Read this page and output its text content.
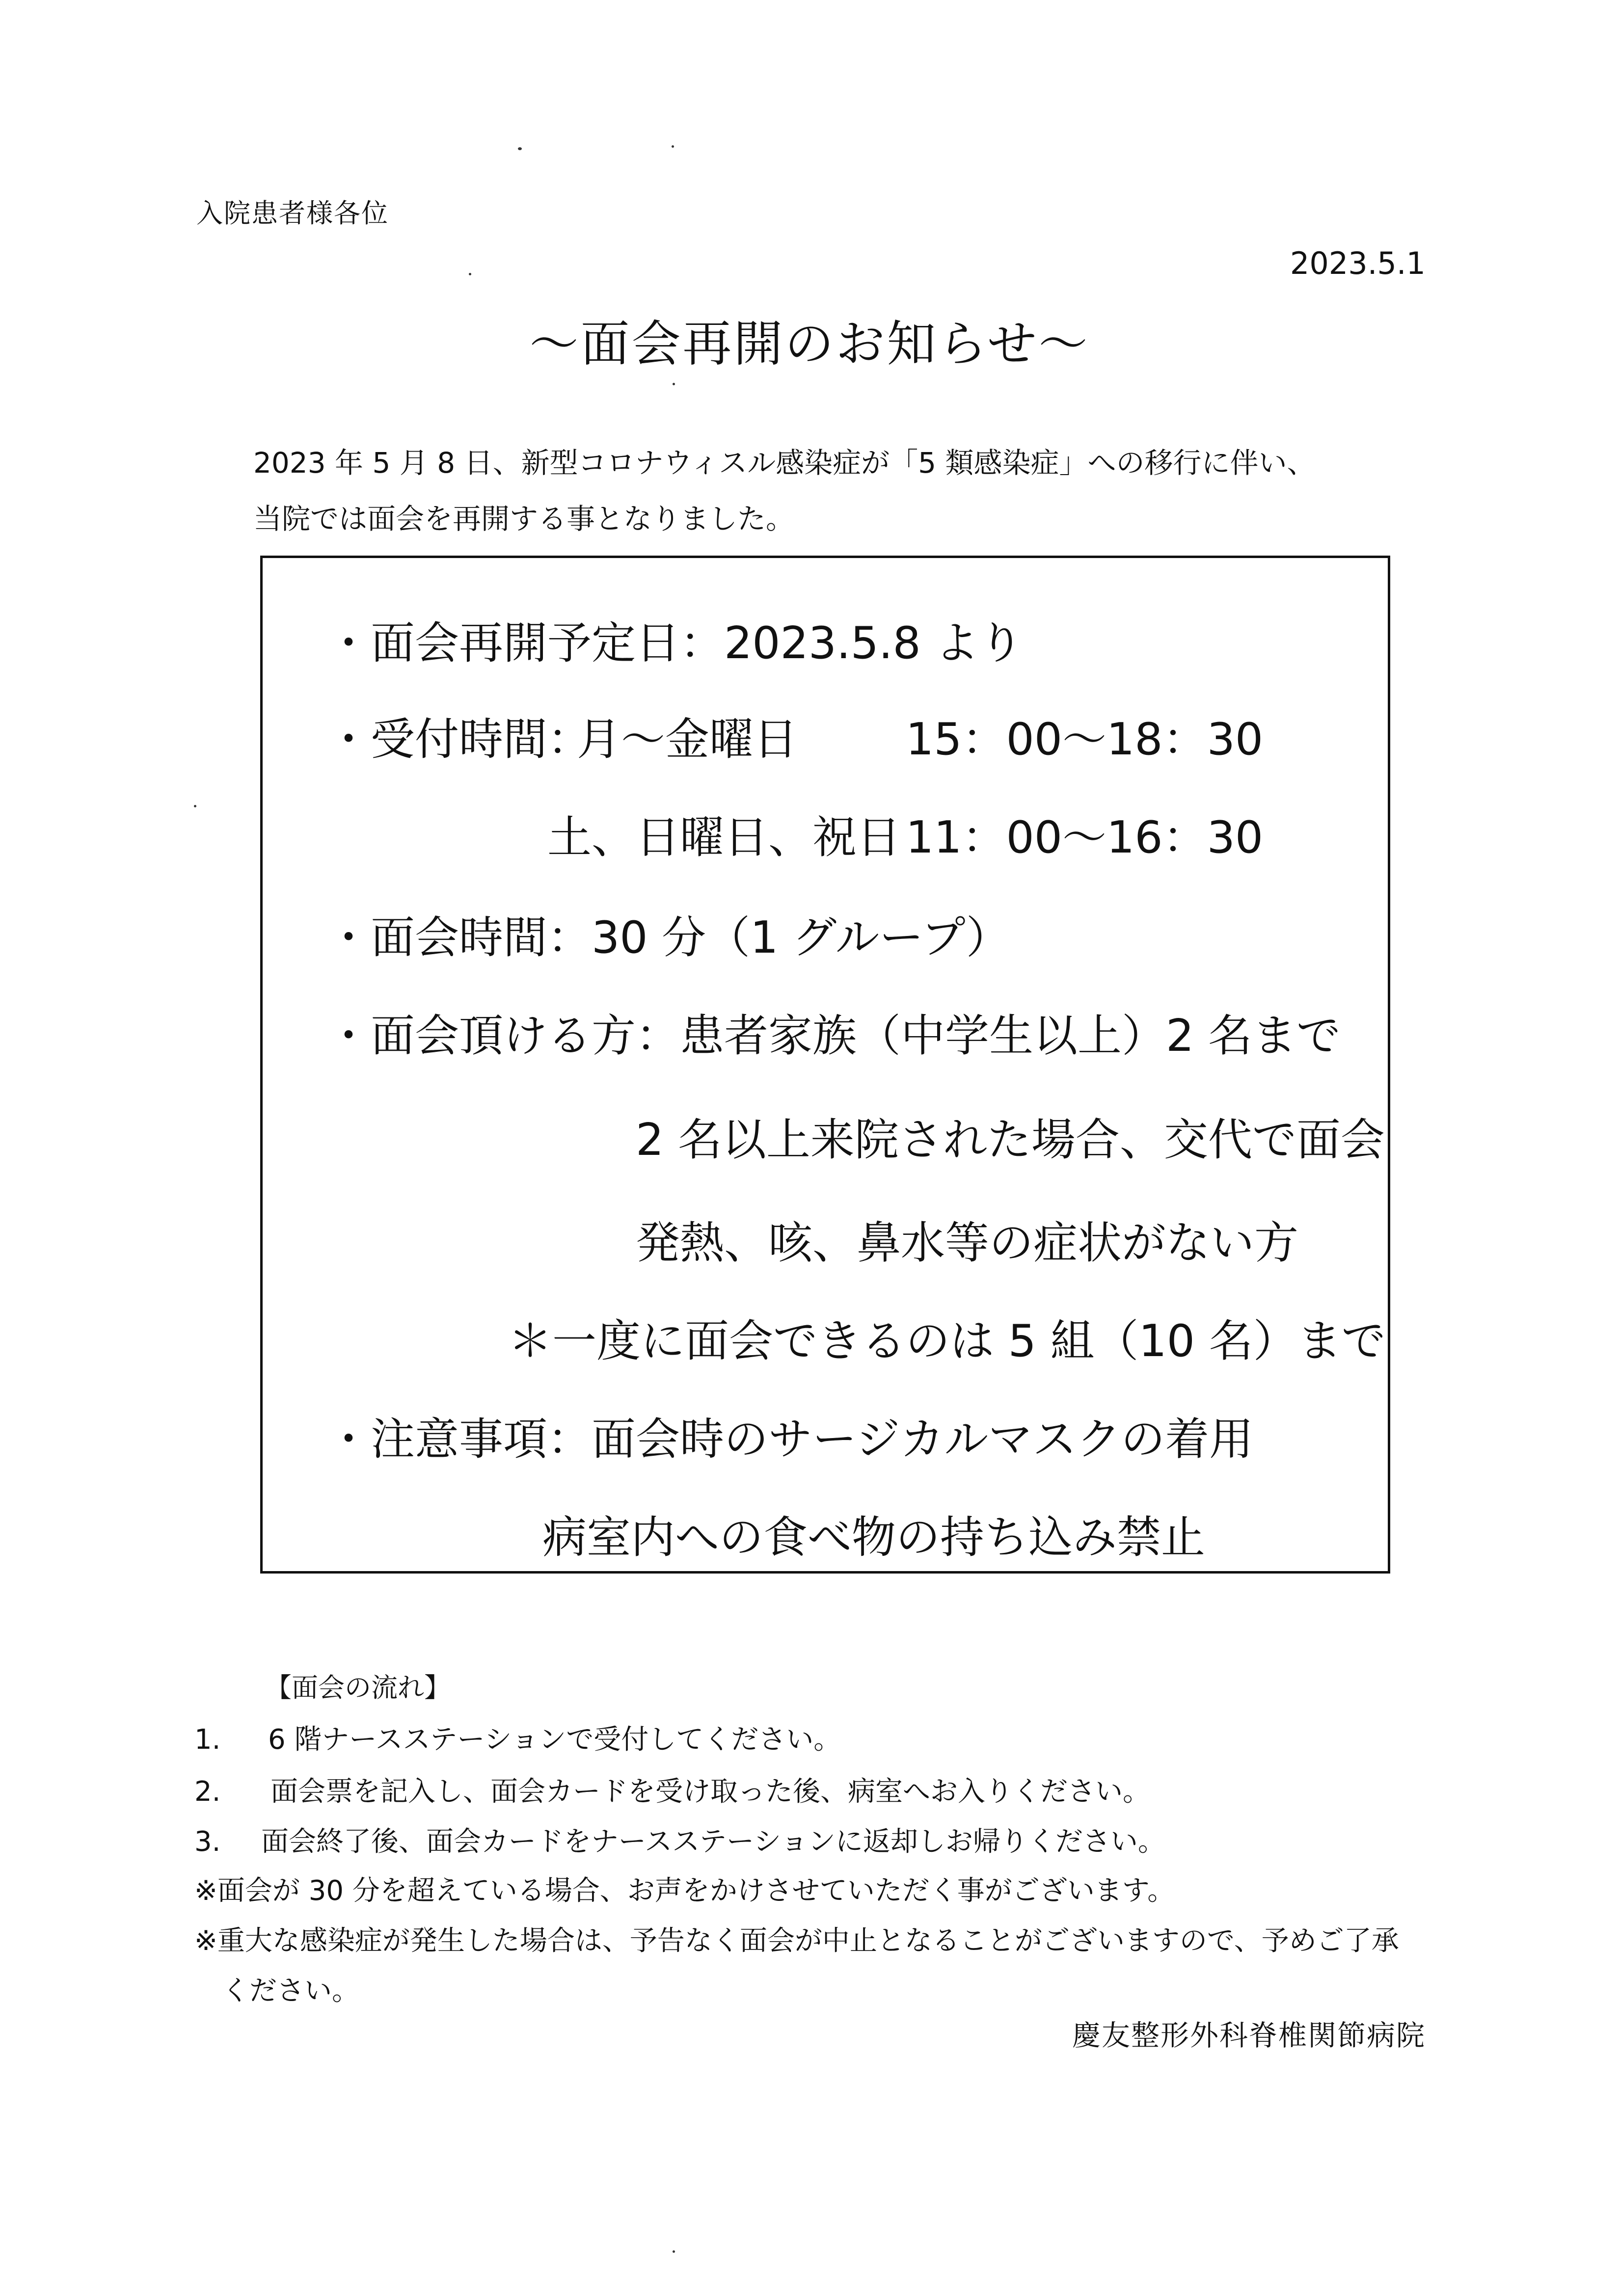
入院患者様各位
2023.5.1
～面会再開のお知らせ～
2023 年 5 月 8 日、新型コロナウィスル感染症が「5 類感染症」への移行に伴い、
当院では面会を再開する事となりました。
・面会再開予定日：2023.5.8 より
・受付時間：
月～金曜日 15：00～18：30
土、日曜日、祝日 11：00～16：30
・面会時間：30 分（1 グループ）
・面会頂ける方：患者家族（中学生以上）2 名まで
2 名以上来院された場合、交代で面会
発熱、咳、鼻水等の症状がない方
＊一度に面会できるのは 5 組（10 名）まで
・注意事項：面会時のサージカルマスクの着用
病室内への食べ物の持ち込み禁止
【面会の流れ】
1. 6 階ナースステーションで受付してください。
2. 面会票を記入し、面会カードを受け取った後、病室へお入りください。
3. 面会終了後、面会カードをナースステーションに返却しお帰りください。
※面会が 30 分を超えている場合、お声をかけさせていただく事がございます。
※重大な感染症が発生した場合は、予告なく面会が中止となることがございますので、予めご了承
ください。
慶友整形外科脊椎関節病院
